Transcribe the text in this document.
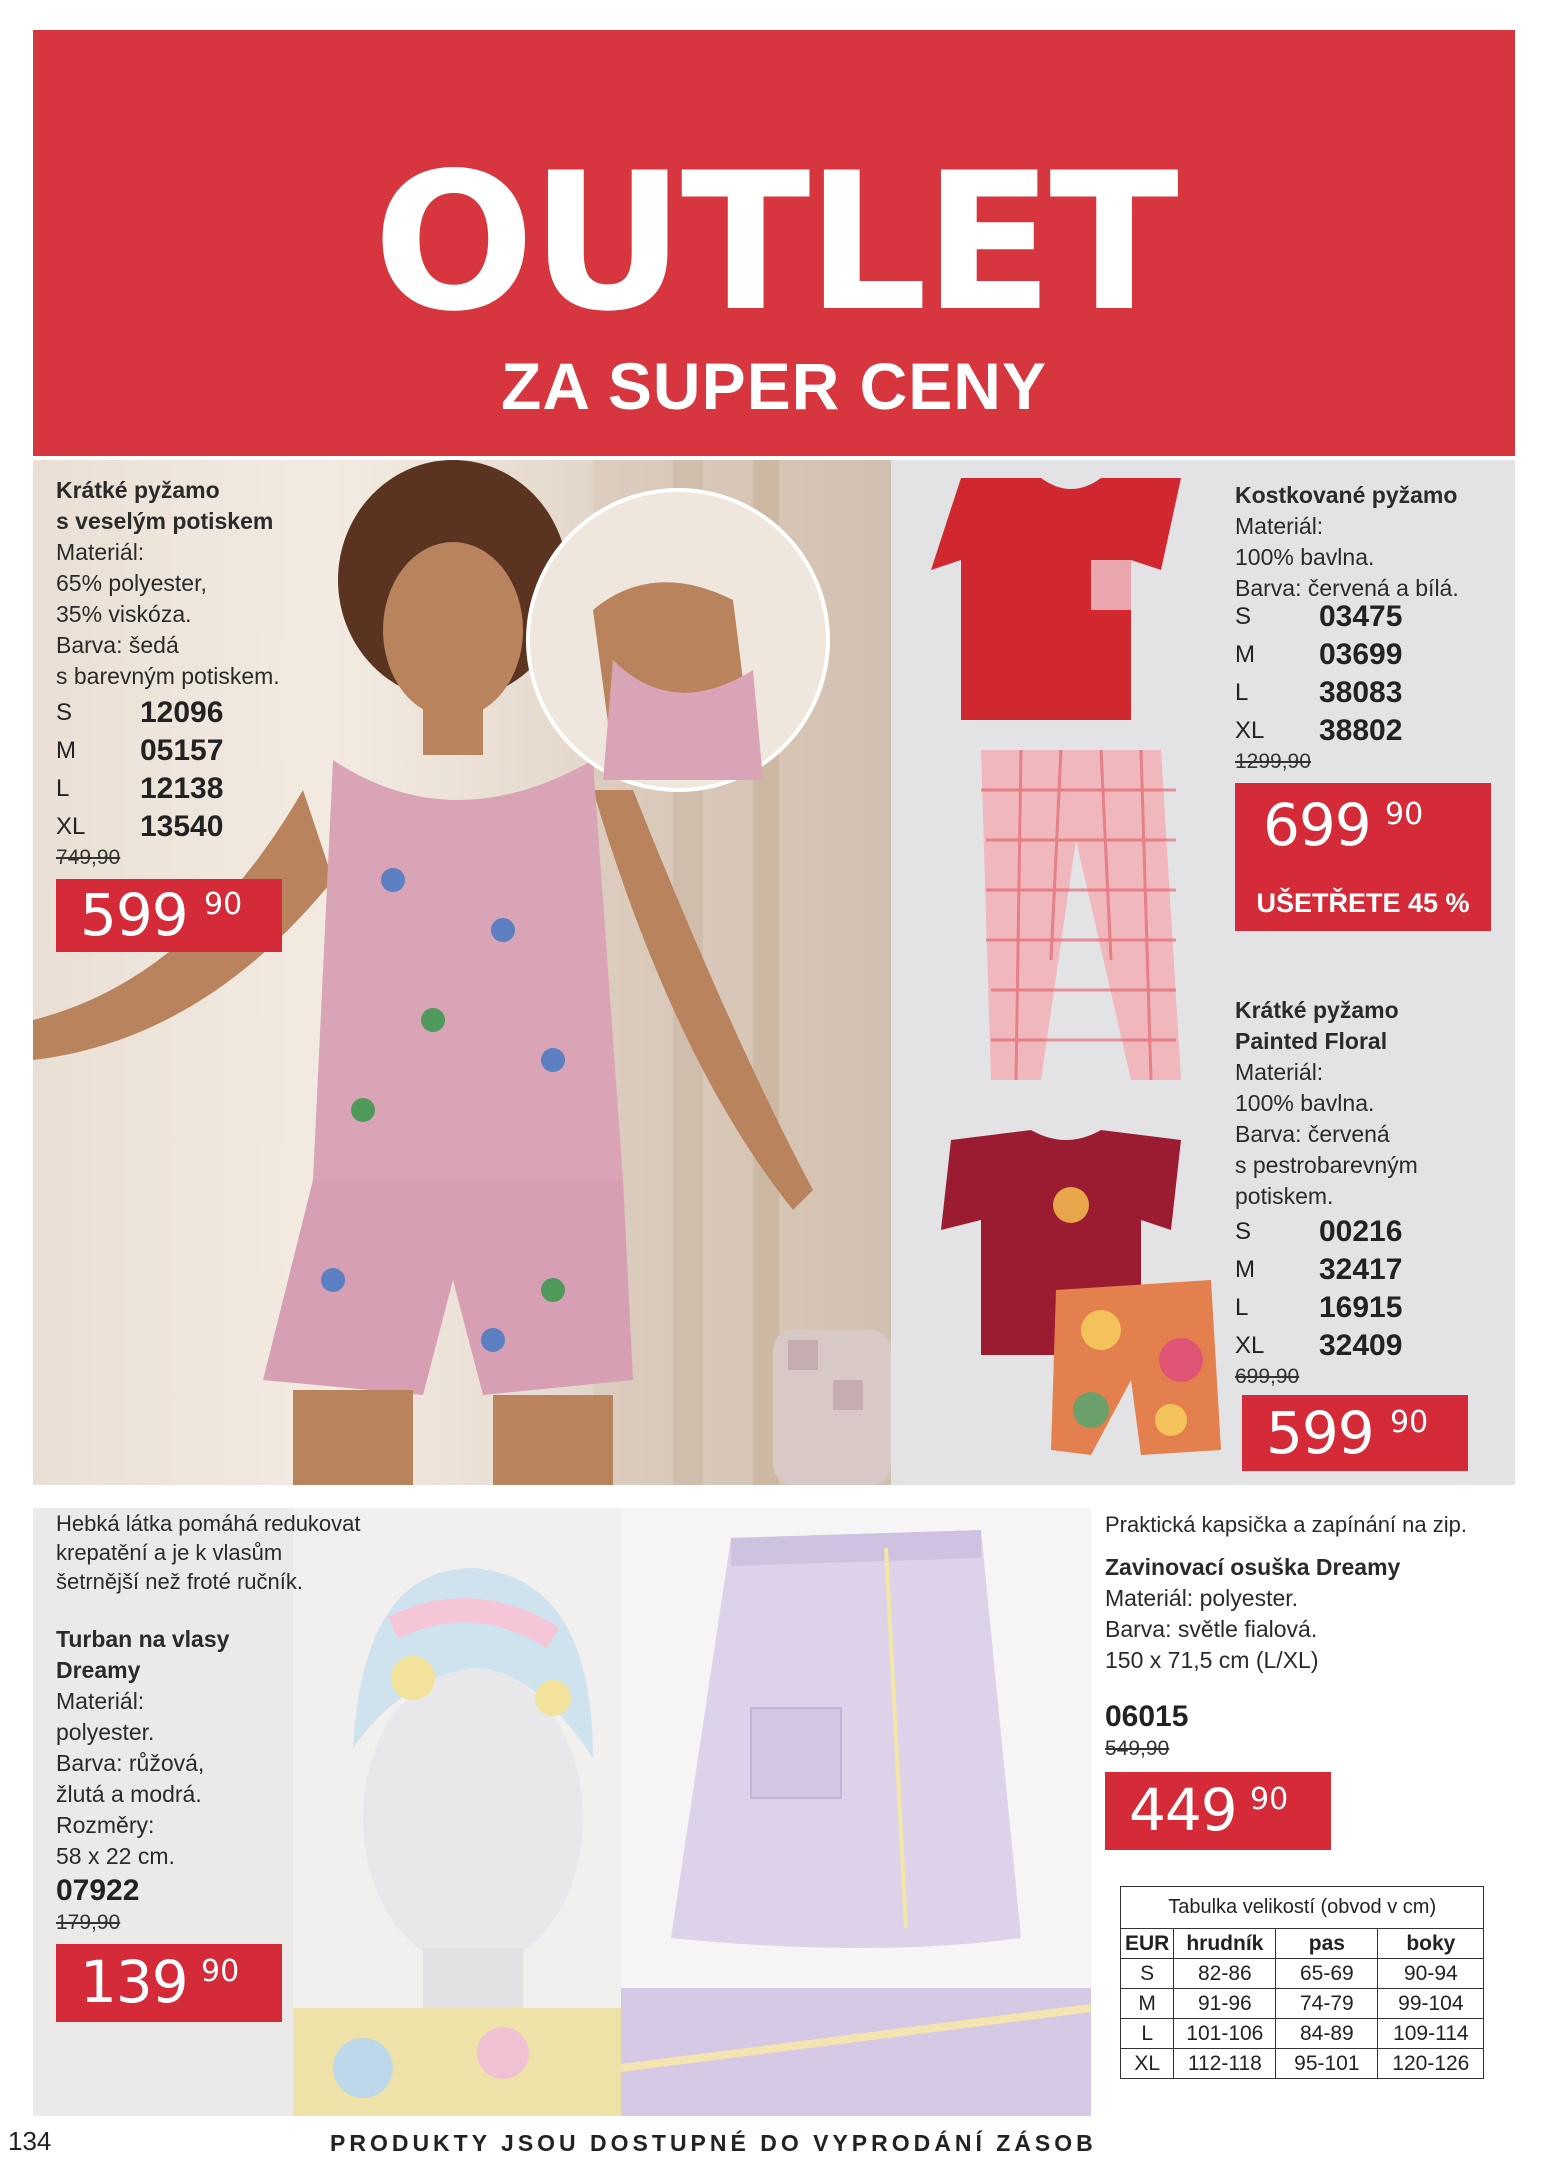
OUTLET
ZA SUPER CENY
Krátké pyžamo
s veselým potiskem
Materiál:
65% polyester,
35% viskóza.
Barva: šedá
s barevným potiskem.
S	12096
M	05157
L	12138
XL	13540
749,90
599 90
Kostkované pyžamo
Materiál:
100% bavlna.
Barva: červená a bílá.
S	03475
M	03699
L	38083
XL	38802
1299,90
699 90
UŠETŘETE 45 %
Krátké pyžamo
Painted Floral
Materiál:
100% bavlna.
Barva: červená
s pestrobarevným
potiskem.
S	00216
M	32417
L	16915
XL	32409
699,90
599 90
Hebká látka pomáhá redukovat
krepatění a je k vlasům
šetrnější než froté ručník.
Turban na vlasy
Dreamy
Materiál:
polyester.
Barva: růžová,
žlutá a modrá.
Rozměry:
58 x 22 cm.
07922
179,90
139 90
Praktická kapsička a zapínání na zip.
Zavinovací osuška Dreamy
Materiál: polyester.
Barva: světle fialová.
150 x 71,5 cm (L/XL)
06015
549,90
449 90
Tabulka velikostí (obvod v cm)			
EUR	hrudník	pas	boky
S	82-86	65-69	90-94
M	91-96	74-79	99-104
L	101-106	84-89	109-114
XL	112-118	95-101	120-126
134	PRODUKTY JSOU DOSTUPNÉ DO VYPRODÁNÍ ZÁSOB
